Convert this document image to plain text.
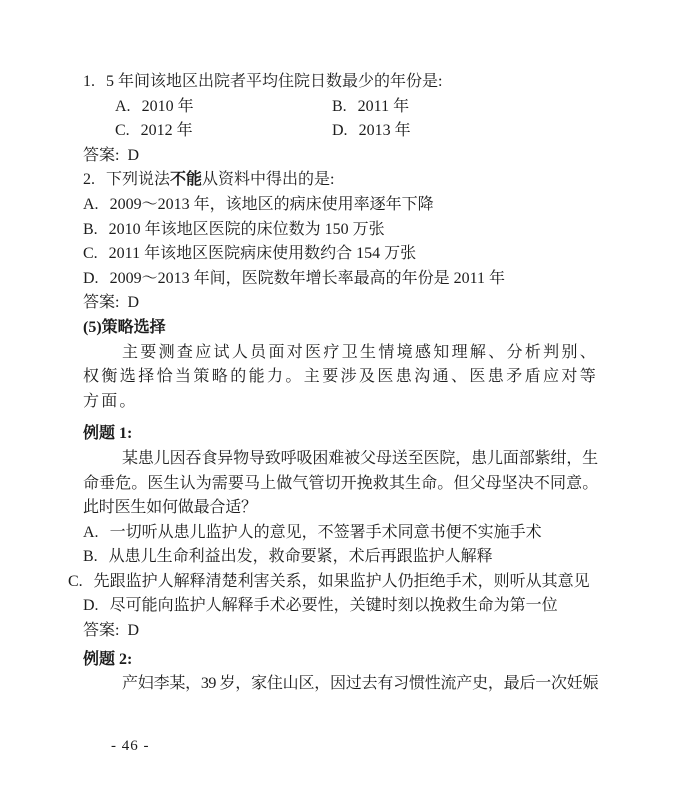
1. 5 年间该地区出院者平均住院日数最少的年份是:

A. 2010 年	B. 2011 年
C. 2012 年	D. 2013 年

答案: D

2. 下列说法不能从资料中得出的是:

A. 2009～2013 年，该地区的病床使用率逐年下降

B. 2010 年该地区医院的床位数为 150 万张

C. 2011 年该地区医院病床使用数约合 154 万张

D. 2009～2013 年间，医院数年增长率最高的年份是 2011 年

答案: D

(5)策略选择

主要测查应试人员面对医疗卫生情境感知理解、分析判别、权衡选择恰当策略的能力。主要涉及医患沟通、医患矛盾应对等方面。

例题 1:

某患儿因吞食异物导致呼吸困难被父母送至医院，患儿面部紫绀，生命垂危。医生认为需要马上做气管切开挽救其生命。但父母坚决不同意。此时医生如何做最合适？

A. 一切听从患儿监护人的意见，不签署手术同意书便不实施手术

B. 从患儿生命利益出发，救命要紧，术后再跟监护人解释

C. 先跟监护人解释清楚利害关系，如果监护人仍拒绝手术，则听从其意见

D. 尽可能向监护人解释手术必要性，关键时刻以挽救生命为第一位

答案: D

例题 2:

产妇李某，39 岁，家住山区，因过去有习惯性流产史，最后一次妊娠

- 46 -
